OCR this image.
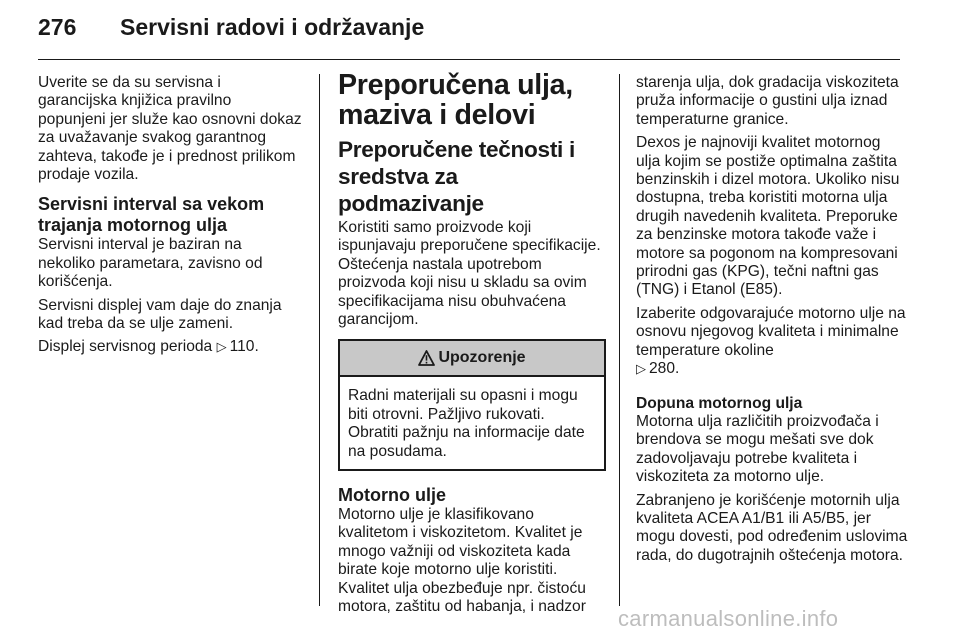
276	Servisni radovi i održavanje

Uverite se da su servisna i garancijska knjižica pravilno popunjeni jer služe kao osnovni dokaz za uvažavanje svakog garantnog zahteva, takođe je i prednost prilikom prodaje vozila.

Servisni interval sa vekom trajanja motornog ulja

Servisni interval je baziran na nekoliko parametara, zavisno od korišćenja.

Servisni displej vam daje do znanja kad treba da se ulje zameni.

Displej servisnog perioda ▷ 110.

Preporučena ulja, maziva i delovi
Preporučene tečnosti i sredstva za podmazivanje

Koristiti samo proizvode koji ispunjavaju preporučene specifikacije. Oštećenja nastala upotrebom proizvoda koji nisu u skladu sa ovim specifikacijama nisu obuhvaćena garancijom.

Upozorenje

Radni materijali su opasni i mogu biti otrovni. Pažljivo rukovati. Obratiti pažnju na informacije date na posudama.

Motorno ulje

Motorno ulje je klasifikovano kvalitetom i viskozitetom. Kvalitet je mnogo važniji od viskoziteta kada birate koje motorno ulje koristiti. Kvalitet ulja obezbeđuje npr. čistoću motora, zaštitu od habanja, i nadzor

starenja ulja, dok gradacija viskoziteta pruža informacije o gustini ulja iznad temperaturne granice.

Dexos je najnoviji kvalitet motornog ulja kojim se postiže optimalna zaštita benzinskih i dizel motora. Ukoliko nisu dostupna, treba koristiti motorna ulja drugih navedenih kvaliteta. Preporuke za benzinske motora takođe važe i motore sa pogonom na kompresovani prirodni gas (KPG), tečni naftni gas (TNG) i Etanol (E85).

Izaberite odgovarajuće motorno ulje na osnovu njegovog kvaliteta i minimalne temperature okoline
▷ 280.

Dopuna motornog ulja

Motorna ulja različitih proizvođača i brendova se mogu mešati sve dok zadovoljavaju potrebe kvaliteta i viskoziteta za motorno ulje.

Zabranjeno je korišćenje motornih ulja kvaliteta ACEA A1/B1 ili A5/B5, jer mogu dovesti, pod određenim uslovima rada, do dugotrajnih oštećenja motora.

carmanualsonline.info
